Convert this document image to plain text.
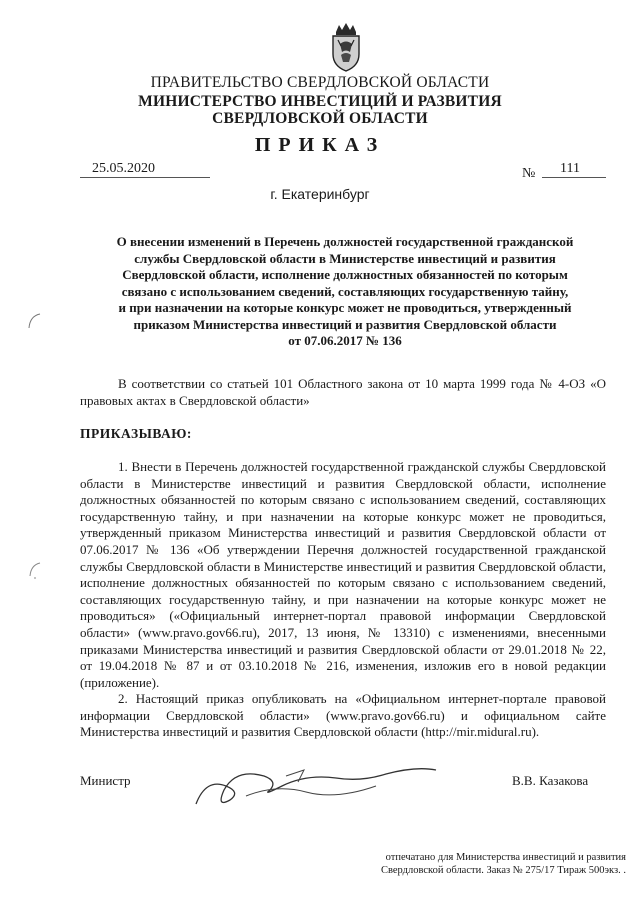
ПРАВИТЕЛЬСТВО СВЕРДЛОВСКОЙ ОБЛАСТИ
МИНИСТЕРСТВО ИНВЕСТИЦИЙ И РАЗВИТИЯ
СВЕРДЛОВСКОЙ ОБЛАСТИ
ПРИКАЗ
25.05.2020	№ 111
г. Екатеринбург
О внесении изменений в Перечень должностей государственной гражданской
службы Свердловской области в Министерстве инвестиций и развития
Свердловской области, исполнение должностных обязанностей по которым
связано с использованием сведений, составляющих государственную тайну,
и при назначении на которые конкурс может не проводиться, утвержденный
приказом Министерства инвестиций и развития Свердловской области
от 07.06.2017 № 136
В соответствии со статьей 101 Областного закона от 10 марта 1999 года № 4-ОЗ «О правовых актах в Свердловской области»
ПРИКАЗЫВАЮ:
1. Внести в Перечень должностей государственной гражданской службы Свердловской области в Министерстве инвестиций и развития Свердловской области, исполнение должностных обязанностей по которым связано с использованием сведений, составляющих государственную тайну, и при назначении на которые конкурс может не проводиться, утвержденный приказом Министерства инвестиций и развития Свердловской области от 07.06.2017 № 136 «Об утверждении Перечня должностей государственной гражданской службы Свердловской области в Министерстве инвестиций и развития Свердловской области, исполнение должностных обязанностей по которым связано с использованием сведений, составляющих государственную тайну, и при назначении на которые конкурс может не проводиться» («Официальный интернет-портал правовой информации Свердловской области» (www.pravo.gov66.ru), 2017, 13 июня, № 13310) с изменениями, внесенными приказами Министерства инвестиций и развития Свердловской области от 29.01.2018 № 22, от 19.04.2018 № 87 и от 03.10.2018 № 216, изменения, изложив его в новой редакции (приложение).
2. Настоящий приказ опубликовать на «Официальном интернет-портале правовой информации Свердловской области» (www.pravo.gov66.ru) и официальном сайте Министерства инвестиций и развития Свердловской области (http://mir.midural.ru).
Министр	В.В. Казакова
отпечатано для Министерства инвестиций и развития
Свердловской области. Заказ № 275/17 Тираж 500экз. .
